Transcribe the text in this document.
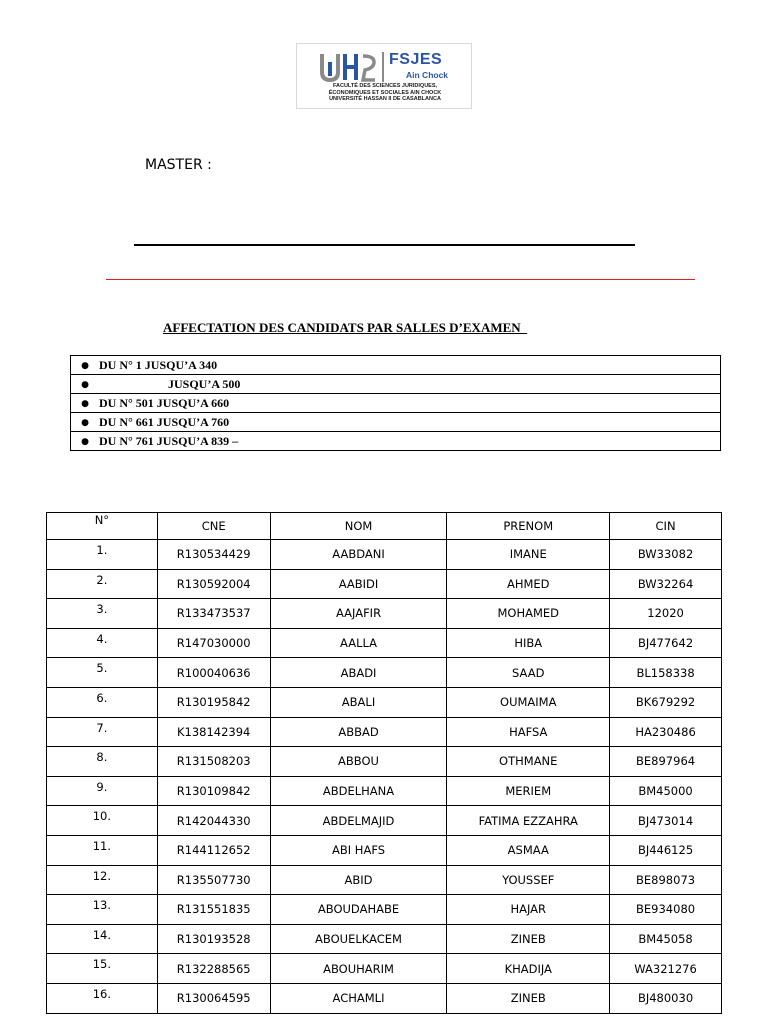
FSJES
Ain Chock
FACULTÉ DES SCIENCES JURIDIQUES,
ÉCONOMIQUES ET SOCIALES AIN CHOCK
UNIVERSITÉ HASSAN II DE CASABLANCA
MASTER :
AFFECTATION DES CANDIDATS PAR SALLES D’EXAMEN
● DU N° 1 JUSQU’A 340
●	JUSQU’A 500
● DU N° 501 JUSQU’A 660
● DU N° 661 JUSQU’A 760
● DU N° 761 JUSQU’A 839 –
N°	CNE	NOM	PRENOM	CIN
1.	R130534429	AABDANI	IMANE	BW33082
2.	R130592004	AABIDI	AHMED	BW32264
3.	R133473537	AAJAFIR	MOHAMED	12020
4.	R147030000	AALLA	HIBA	BJ477642
5.	R100040636	ABADI	SAAD	BL158338
6.	R130195842	ABALI	OUMAIMA	BK679292
7.	K138142394	ABBAD	HAFSA	HA230486
8.	R131508203	ABBOU	OTHMANE	BE897964
9.	R130109842	ABDELHANA	MERIEM	BM45000
10.	R142044330	ABDELMAJID	FATIMA EZZAHRA	BJ473014
11.	R144112652	ABI HAFS	ASMAA	BJ446125
12.	R135507730	ABID	YOUSSEF	BE898073
13.	R131551835	ABOUDAHABE	HAJAR	BE934080
14.	R130193528	ABOUELKACEM	ZINEB	BM45058
15.	R132288565	ABOUHARIM	KHADIJA	WA321276
16.	R130064595	ACHAMLI	ZINEB	BJ480030
